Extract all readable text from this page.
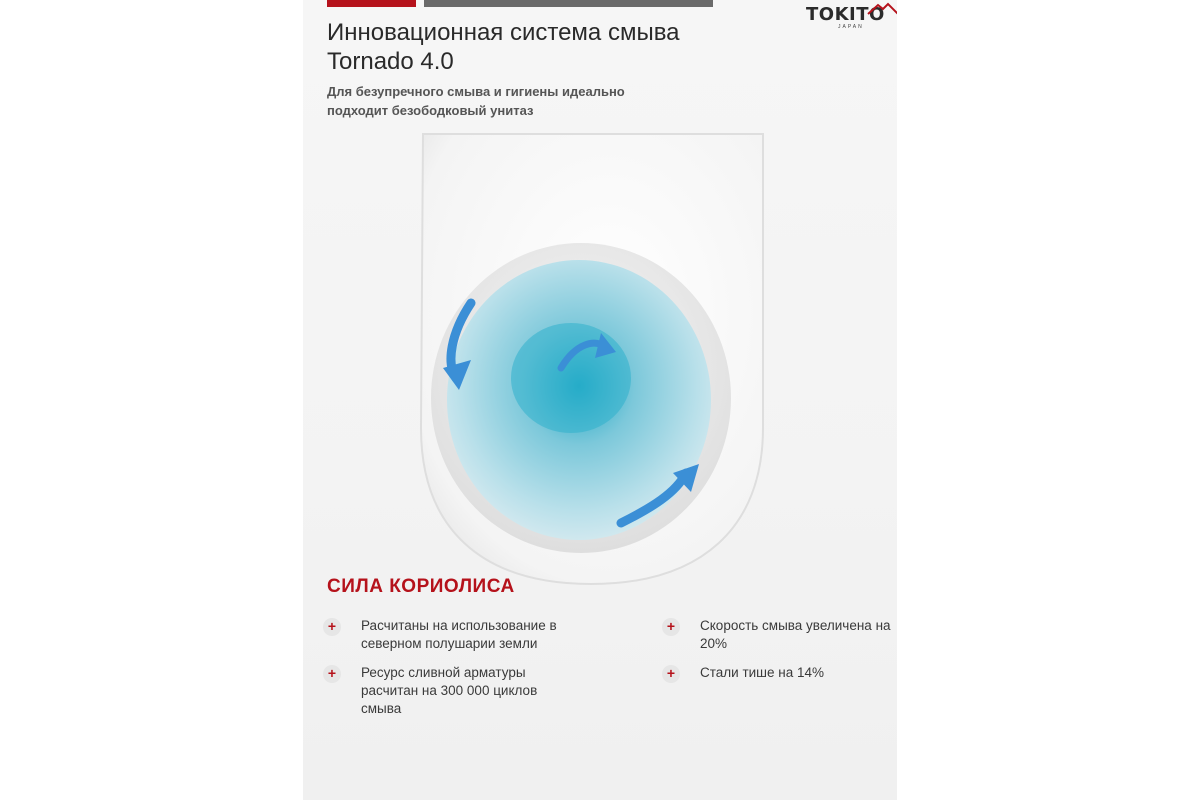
TOKITO
JAPAN
Инновационная система смыва Tornado 4.0
Для безупречного смыва и гигиены идеально подходит безободковый унитаз
СИЛА КОРИОЛИСА
+	Расчитаны на использование в северном полушарии земли
+	Ресурс сливной арматуры расчитан на 300 000 циклов смыва
+	Скорость смыва увеличена на 20%
+	Стали тише на 14%
